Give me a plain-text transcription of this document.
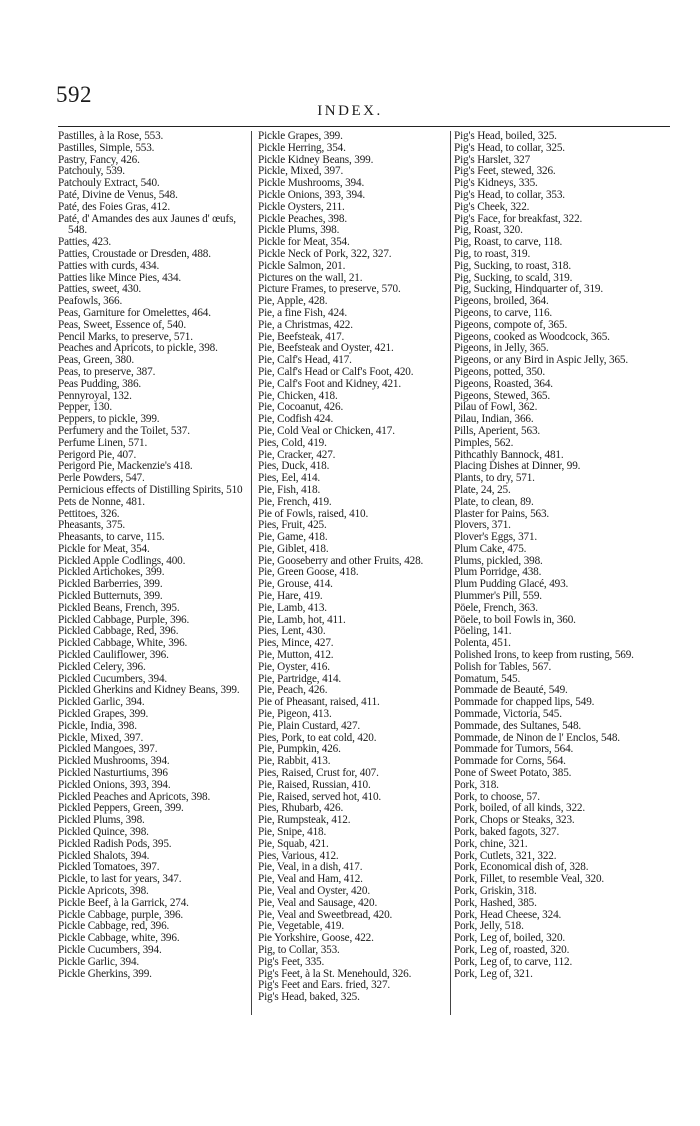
592
INDEX.
Pastilles, à la Rose, 553.
Pastilles, Simple, 553.
Pastry, Fancy, 426.
Patchouly, 539.
Patchouly Extract, 540.
Paté, Divine de Venus, 548.
Paté, des Foies Gras, 412.
Paté, d' Amandes des aux Jaunes d' œufs, 548.
Patties, 423.
Patties, Croustade or Dresden, 488.
Patties with curds, 434.
Patties like Mince Pies, 434.
Patties, sweet, 430.
Peafowls, 366.
Peas, Garniture for Omelettes, 464.
Peas, Sweet, Essence of, 540.
Pencil Marks, to preserve, 571.
Peaches and Apricots, to pickle, 398.
Peas, Green, 380.
Peas, to preserve, 387.
Peas Pudding, 386.
Pennyroyal, 132.
Pepper, 130.
Peppers, to pickle, 399.
Perfumery and the Toilet, 537.
Perfume Linen, 571.
Perigord Pie, 407.
Perigord Pie, Mackenzie's 418.
Perle Powders, 547.
Pernicious effects of Distilling Spirits, 510
Pets de Nonne, 481.
Pettitoes, 326.
Pheasants, 375.
Pheasants, to carve, 115.
Pickle for Meat, 354.
Pickled Apple Codlings, 400.
Pickled Artichokes, 399.
Pickled Barberries, 399.
Pickled Butternuts, 399.
Pickled Beans, French, 395.
Pickled Cabbage, Purple, 396.
Pickled Cabbage, Red, 396.
Pickled Cabbage, White, 396.
Pickled Cauliflower, 396.
Pickled Celery, 396.
Pickled Cucumbers, 394.
Pickled Gherkins and Kidney Beans, 399.
Pickled Garlic, 394.
Pickled Grapes, 399.
Pickle, India, 398.
Pickle, Mixed, 397.
Pickled Mangoes, 397.
Pickled Mushrooms, 394.
Pickled Nasturtiums, 396
Pickled Onions, 393, 394.
Pickled Peaches and Apricots, 398.
Pickled Peppers, Green, 399.
Pickled Plums, 398.
Pickled Quince, 398.
Pickled Radish Pods, 395.
Pickled Shalots, 394.
Pickled Tomatoes, 397.
Pickle, to last for years, 347.
Pickle Apricots, 398.
Pickle Beef, à la Garrick, 274.
Pickle Cabbage, purple, 396.
Pickle Cabbage, red, 396.
Pickle Cabbage, white, 396.
Pickle Cucumbers, 394.
Pickle Garlic, 394.
Pickle Gherkins, 399.
Pickle Grapes, 399.
Pickle Herring, 354.
Pickle Kidney Beans, 399.
Pickle, Mixed, 397.
Pickle Mushrooms, 394.
Pickle Onions, 393, 394.
Pickle Oysters, 211.
Pickle Peaches, 398.
Pickle Plums, 398.
Pickle for Meat, 354.
Pickle Neck of Pork, 322, 327.
Pickle Salmon, 201.
Pictures on the wall, 21.
Picture Frames, to preserve, 570.
Pie, Apple, 428.
Pie, a fine Fish, 424.
Pie, a Christmas, 422.
Pie, Beefsteak, 417.
Pie, Beefsteak and Oyster, 421.
Pie, Calf's Head, 417.
Pie, Calf's Head or Calf's Foot, 420.
Pie, Calf's Foot and Kidney, 421.
Pie, Chicken, 418.
Pie, Cocoanut, 426.
Pie, Codfish 424.
Pie, Cold Veal or Chicken, 417.
Pies, Cold, 419.
Pie, Cracker, 427.
Pies, Duck, 418.
Pies, Eel, 414.
Pie, Fish, 418.
Pie, French, 419.
Pie of Fowls, raised, 410.
Pies, Fruit, 425.
Pie, Game, 418.
Pie, Giblet, 418.
Pie, Gooseberry and other Fruits, 428.
Pie, Green Goose, 418.
Pie, Grouse, 414.
Pie, Hare, 419.
Pie, Lamb, 413.
Pie, Lamb, hot, 411.
Pies, Lent, 430.
Pies, Mince, 427.
Pie, Mutton, 412.
Pie, Oyster, 416.
Pie, Partridge, 414.
Pie, Peach, 426.
Pie of Pheasant, raised, 411.
Pie, Pigeon, 413.
Pie, Plain Custard, 427.
Pies, Pork, to eat cold, 420.
Pie, Pumpkin, 426.
Pie, Rabbit, 413.
Pies, Raised, Crust for, 407.
Pie, Raised, Russian, 410.
Pie, Raised, served hot, 410.
Pies, Rhubarb, 426.
Pie, Rumpsteak, 412.
Pie, Snipe, 418.
Pie, Squab, 421.
Pies, Various, 412.
Pie, Veal, in a dish, 417.
Pie, Veal and Ham, 412.
Pie, Veal and Oyster, 420.
Pie, Veal and Sausage, 420.
Pie, Veal and Sweetbread, 420.
Pie, Vegetable, 419.
Pie Yorkshire, Goose, 422.
Pig, to Collar, 353.
Pig's Feet, 335.
Pig's Feet, à la St. Menehould, 326.
Pig's Feet and Ears. fried, 327.
Pig's Head, baked, 325.
Pig's Head, boiled, 325.
Pig's Head, to collar, 325.
Pig's Harslet, 327
Pig's Feet, stewed, 326.
Pig's Kidneys, 335.
Pig's Head, to collar, 353.
Pig's Cheek, 322.
Pig's Face, for breakfast, 322.
Pig, Roast, 320.
Pig, Roast, to carve, 118.
Pig, to roast, 319.
Pig, Sucking, to roast, 318.
Pig, Sucking, to scald, 319.
Pig, Sucking, Hindquarter of, 319.
Pigeons, broiled, 364.
Pigeons, to carve, 116.
Pigeons, compote of, 365.
Pigeons, cooked as Woodcock, 365.
Pigeons, in Jelly, 365.
Pigeons, or any Bird in Aspic Jelly, 365.
Pigeons, potted, 350.
Pigeons, Roasted, 364.
Pigeons, Stewed, 365.
Pilau of Fowl, 362.
Pilau, Indian, 366.
Pills, Aperient, 563.
Pimples, 562.
Pithcathly Bannock, 481.
Placing Dishes at Dinner, 99.
Plants, to dry, 571.
Plate, 24, 25.
Plate, to clean, 89.
Plaster for Pains, 563.
Plovers, 371.
Plover's Eggs, 371.
Plum Cake, 475.
Plums, pickled, 398.
Plum Porridge, 438.
Plum Pudding Glacé, 493.
Plummer's Pill, 559.
Pöele, French, 363.
Pöele, to boil Fowls in, 360.
Pöeling, 141.
Polenta, 451.
Polished Irons, to keep from rusting, 569.
Polish for Tables, 567.
Pomatum, 545.
Pommade de Beauté, 549.
Pommade for chapped lips, 549.
Pommade, Victoria, 545.
Pommade, des Sultanes, 548.
Pommade, de Ninon de l' Enclos, 548.
Pommade for Tumors, 564.
Pommade for Corns, 564.
Pone of Sweet Potato, 385.
Pork, 318.
Pork, to choose, 57.
Pork, boiled, of all kinds, 322.
Pork, Chops or Steaks, 323.
Pork, baked fagots, 327.
Pork, chine, 321.
Pork, Cutlets, 321, 322.
Pork, Economical dish of, 328.
Pork, Fillet, to resemble Veal, 320.
Pork, Griskin, 318.
Pork, Hashed, 385.
Pork, Head Cheese, 324.
Pork, Jelly, 518.
Pork, Leg of, boiled, 320.
Pork, Leg of, roasted, 320.
Pork, Leg of, to carve, 112.
Pork, Leg of, 321.
